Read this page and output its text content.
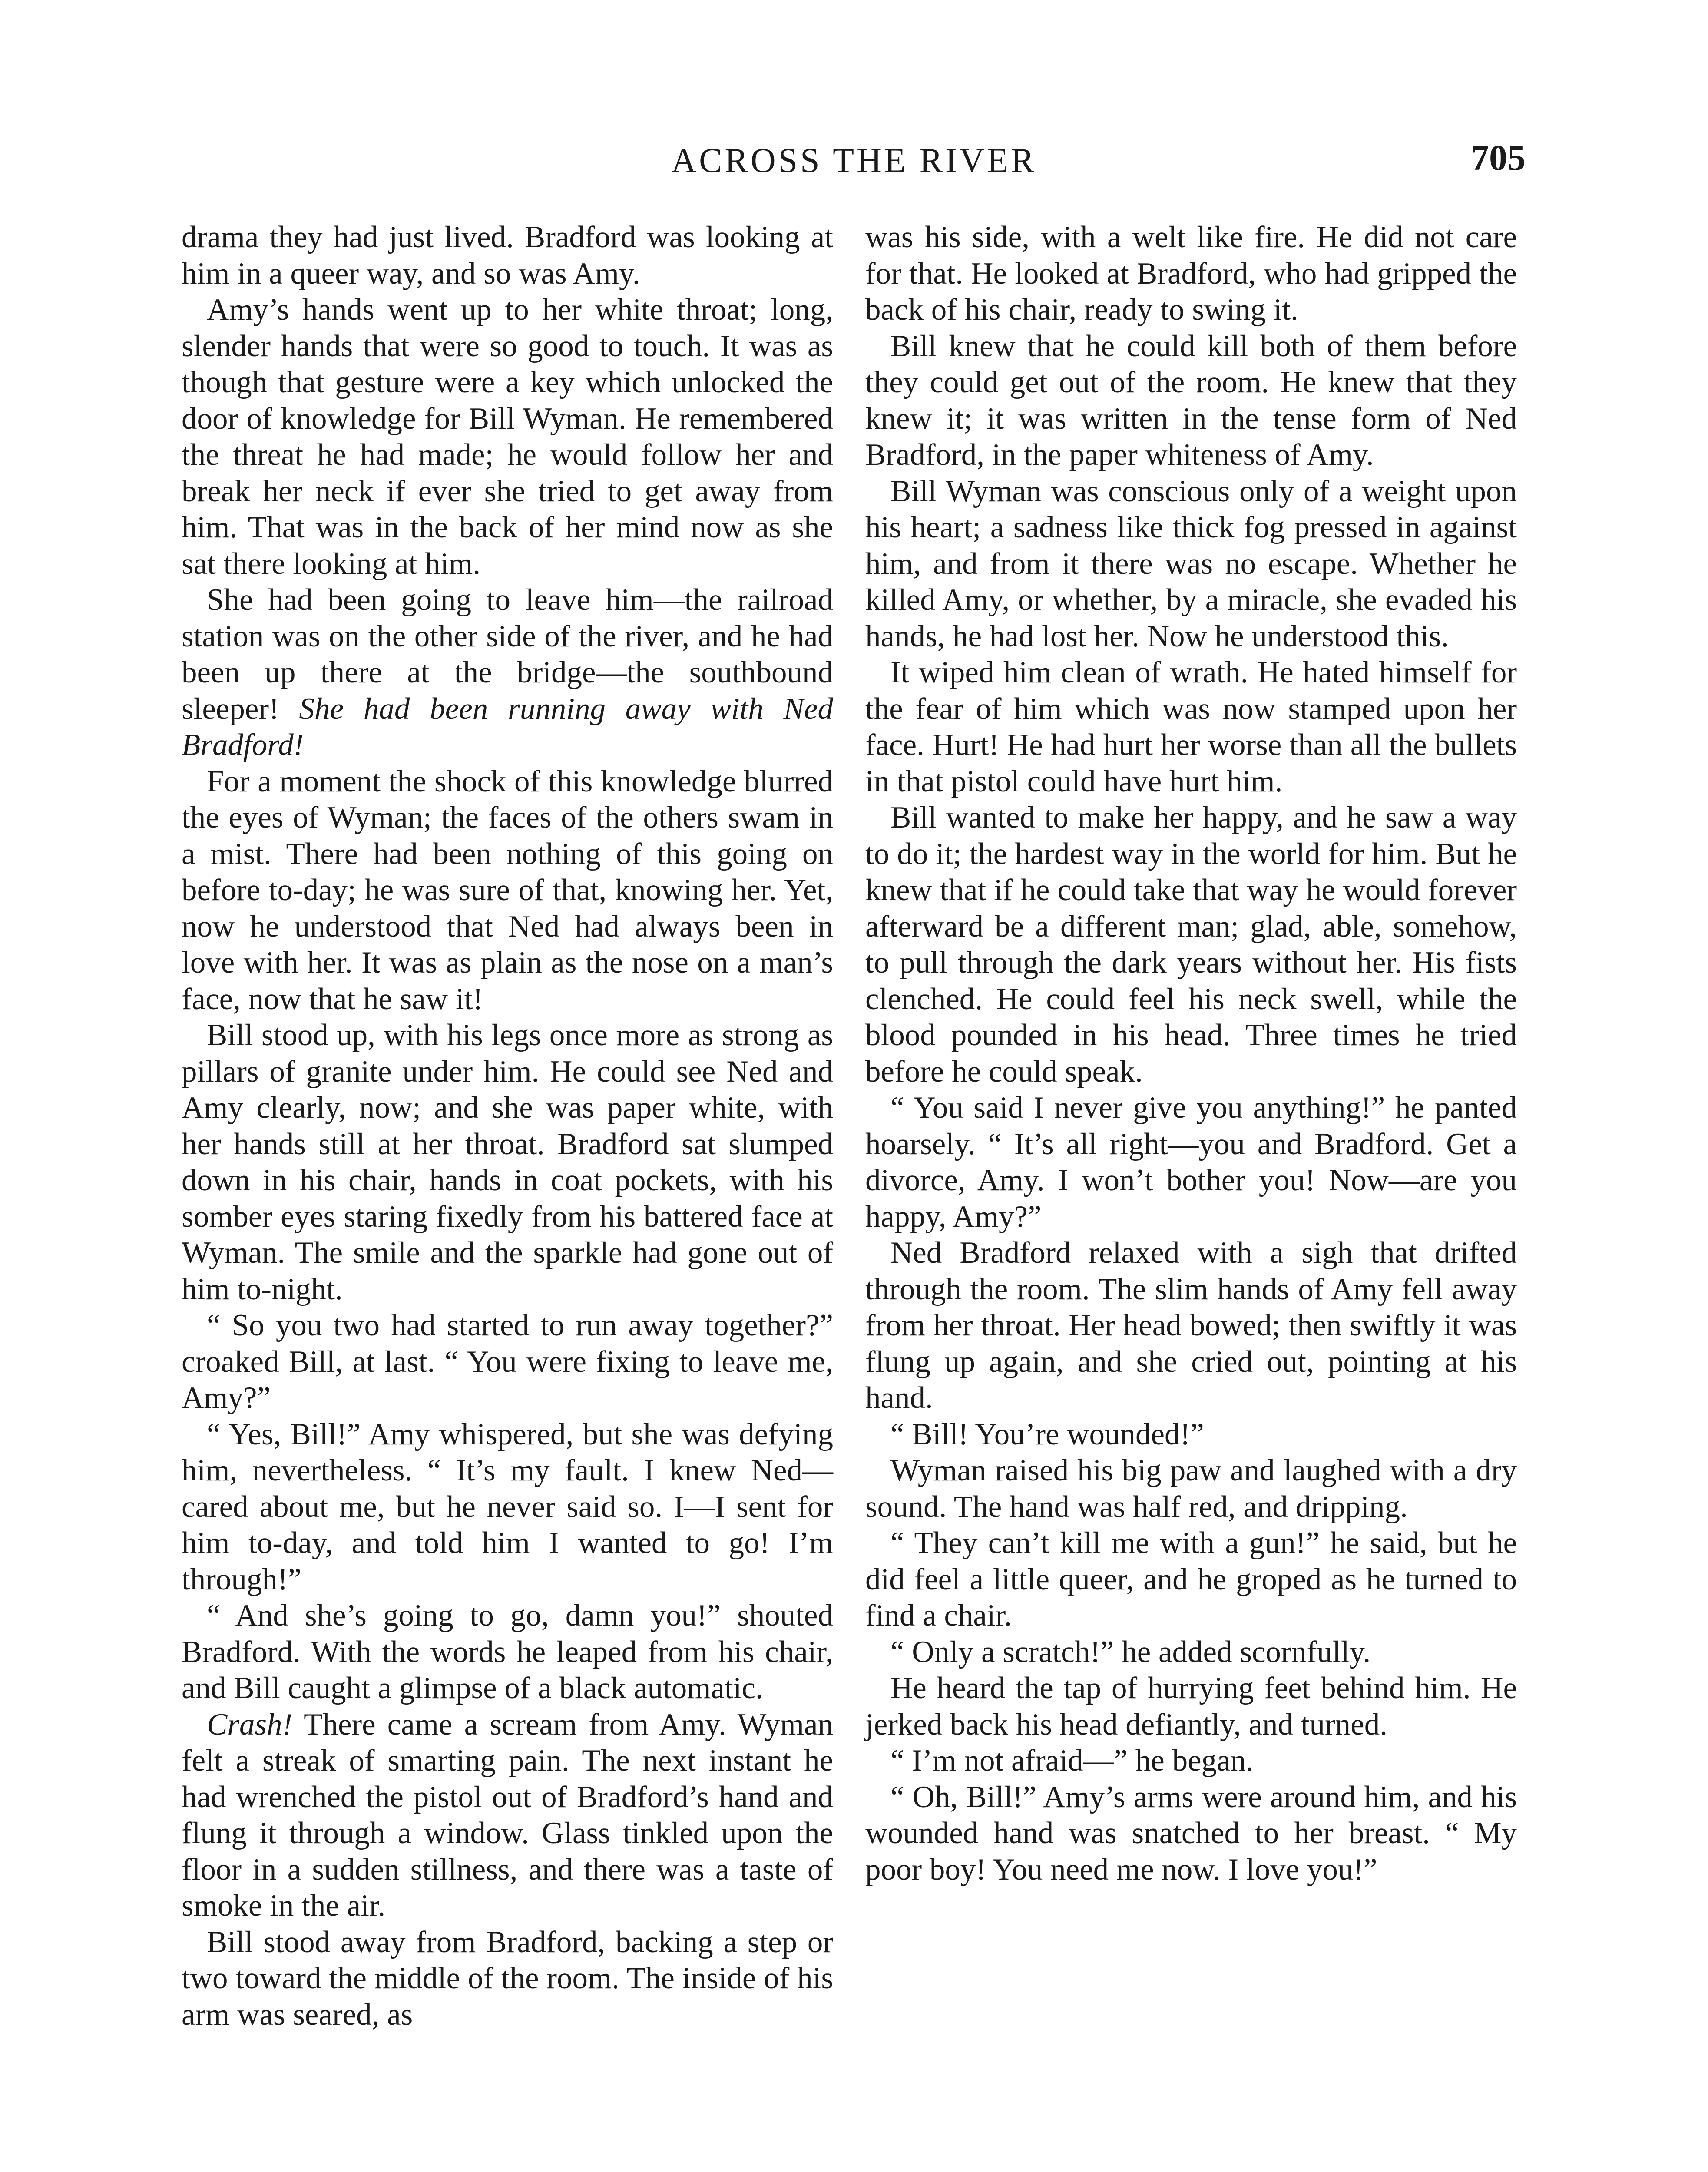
ACROSS THE RIVER	705

drama they had just lived. Bradford was looking at him in a queer way, and so was Amy.

Amy’s hands went up to her white throat; long, slender hands that were so good to touch. It was as though that gesture were a key which unlocked the door of knowledge for Bill Wyman. He remembered the threat he had made; he would follow her and break her neck if ever she tried to get away from him. That was in the back of her mind now as she sat there looking at him.

She had been going to leave him—the railroad station was on the other side of the river, and he had been up there at the bridge—the southbound sleeper! She had been running away with Ned Bradford!

For a moment the shock of this knowledge blurred the eyes of Wyman; the faces of the others swam in a mist. There had been nothing of this going on before to-day; he was sure of that, knowing her. Yet, now he understood that Ned had always been in love with her. It was as plain as the nose on a man’s face, now that he saw it!

Bill stood up, with his legs once more as strong as pillars of granite under him. He could see Ned and Amy clearly, now; and she was paper white, with her hands still at her throat. Bradford sat slumped down in his chair, hands in coat pockets, with his somber eyes staring fixedly from his battered face at Wyman. The smile and the sparkle had gone out of him to-night.

“ So you two had started to run away together?” croaked Bill, at last. “ You were fixing to leave me, Amy?”

“ Yes, Bill!” Amy whispered, but she was defying him, nevertheless. “ It’s my fault. I knew Ned—cared about me, but he never said so. I—I sent for him to-day, and told him I wanted to go! I’m through!”

“ And she’s going to go, damn you!” shouted Bradford. With the words he leaped from his chair, and Bill caught a glimpse of a black automatic.

Crash! There came a scream from Amy. Wyman felt a streak of smarting pain. The next instant he had wrenched the pistol out of Bradford’s hand and flung it through a window. Glass tinkled upon the floor in a sudden stillness, and there was a taste of smoke in the air.

Bill stood away from Bradford, backing a step or two toward the middle of the room. The inside of his arm was seared, as

was his side, with a welt like fire. He did not care for that. He looked at Bradford, who had gripped the back of his chair, ready to swing it.

Bill knew that he could kill both of them before they could get out of the room. He knew that they knew it; it was written in the tense form of Ned Bradford, in the paper whiteness of Amy.

Bill Wyman was conscious only of a weight upon his heart; a sadness like thick fog pressed in against him, and from it there was no escape. Whether he killed Amy, or whether, by a miracle, she evaded his hands, he had lost her. Now he understood this.

It wiped him clean of wrath. He hated himself for the fear of him which was now stamped upon her face. Hurt! He had hurt her worse than all the bullets in that pistol could have hurt him.

Bill wanted to make her happy, and he saw a way to do it; the hardest way in the world for him. But he knew that if he could take that way he would forever afterward be a different man; glad, able, somehow, to pull through the dark years without her. His fists clenched. He could feel his neck swell, while the blood pounded in his head. Three times he tried before he could speak.

“ You said I never give you anything!” he panted hoarsely. “ It’s all right—you and Bradford. Get a divorce, Amy. I won’t bother you! Now—are you happy, Amy?”

Ned Bradford relaxed with a sigh that drifted through the room. The slim hands of Amy fell away from her throat. Her head bowed; then swiftly it was flung up again, and she cried out, pointing at his hand.

“ Bill! You’re wounded!”

Wyman raised his big paw and laughed with a dry sound. The hand was half red, and dripping.

“ They can’t kill me with a gun!” he said, but he did feel a little queer, and he groped as he turned to find a chair.

“ Only a scratch!” he added scornfully.

He heard the tap of hurrying feet behind him. He jerked back his head defiantly, and turned.

“ I’m not afraid—” he began.

“ Oh, Bill!” Amy’s arms were around him, and his wounded hand was snatched to her breast. “ My poor boy! You need me now. I love you!”
